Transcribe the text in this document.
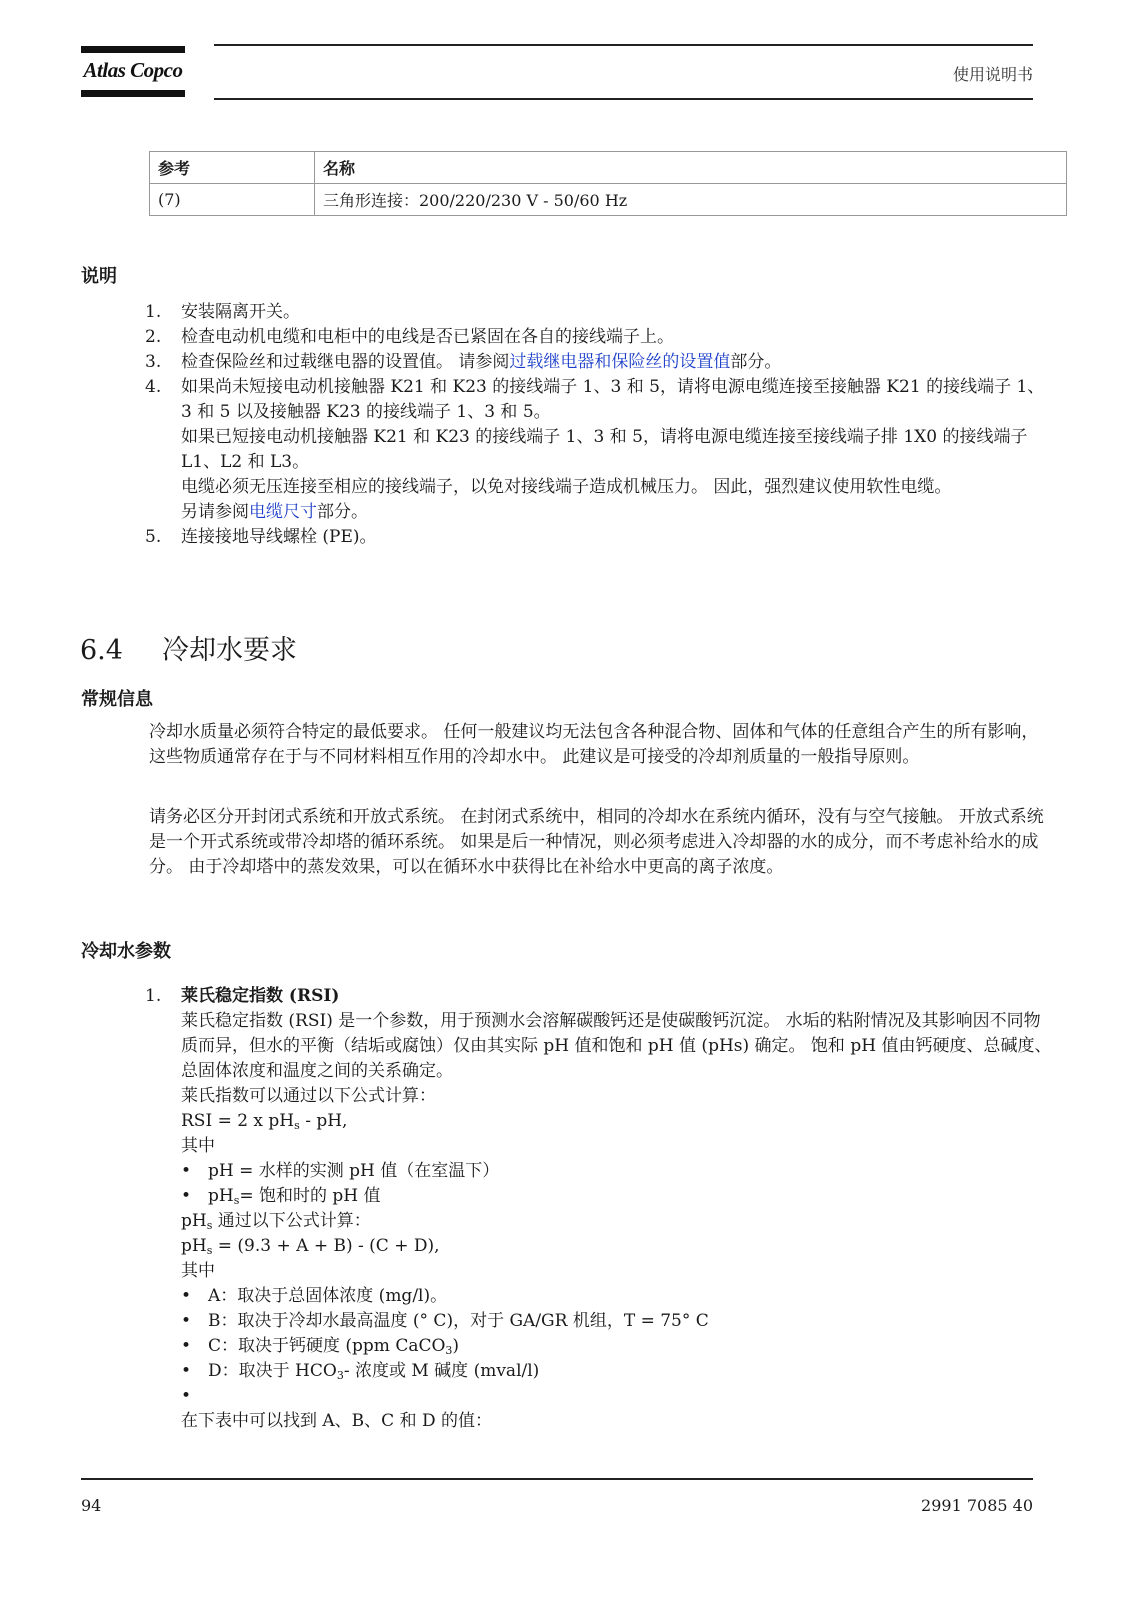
Atlas Copco	使用说明书
参考	名称
(7)	三角形连接：200/220/230 V - 50/60 Hz
说明
1. 安装隔离开关。
2. 检查电动机电缆和电柜中的电线是否已紧固在各自的接线端子上。
3. 检查保险丝和过载继电器的设置值。 请参阅过载继电器和保险丝的设置值部分。
4. 如果尚未短接电动机接触器 K21 和 K23 的接线端子 1、3 和 5，请将电源电缆连接至接触器 K21 的接线端子 1、3 和 5 以及接触器 K23 的接线端子 1、3 和 5。
如果已短接电动机接触器 K21 和 K23 的接线端子 1、3 和 5，请将电源电缆连接至接线端子排 1X0 的接线端子 L1、L2 和 L3。
电缆必须无压连接至相应的接线端子，以免对接线端子造成机械压力。 因此，强烈建议使用软性电缆。
另请参阅电缆尺寸部分。
5. 连接接地导线螺栓 (PE)。
6.4 冷却水要求
常规信息

冷却水质量必须符合特定的最低要求。 任何一般建议均无法包含各种混合物、固体和气体的任意组合产生的所有影响，这些物质通常存在于与不同材料相互作用的冷却水中。 此建议是可接受的冷却剂质量的一般指导原则。

请务必区分开封闭式系统和开放式系统。 在封闭式系统中，相同的冷却水在系统内循环，没有与空气接触。 开放式系统是一个开式系统或带冷却塔的循环系统。 如果是后一种情况，则必须考虑进入冷却器的水的成分，而不考虑补给水的成分。 由于冷却塔中的蒸发效果，可以在循环水中获得比在补给水中更高的离子浓度。

冷却水参数
1. 莱氏稳定指数 (RSI)
莱氏稳定指数 (RSI) 是一个参数，用于预测水会溶解碳酸钙还是使碳酸钙沉淀。 水垢的粘附情况及其影响因不同物质而异，但水的平衡（结垢或腐蚀）仅由其实际 pH 值和饱和 pH 值 (pHs) 确定。 饱和 pH 值由钙硬度、总碱度、总固体浓度和温度之间的关系确定。
莱氏指数可以通过以下公式计算：
RSI = 2 x $pH_s$ - pH,
其中
• pH = 水样的实测 pH 值（在室温下）
• $pH_s=$ 饱和时的 pH 值
$pH_s$ 通过以下公式计算：
$pH_s = (9.3 + A + B) - (C + D)$,
其中
• A：取决于总固体浓度 (mg/l)。
• B：取决于冷却水最高温度 (° C)，对于 GA/GR 机组，T = 75° C
• C：取决于钙硬度 (ppm CaCO$_3$)
• D：取决于 $HCO_3-$ 浓度或 M 碱度 (mval/l)
•

在下表中可以找到 A、B、C 和 D 的值：
94	2991 7085 40
